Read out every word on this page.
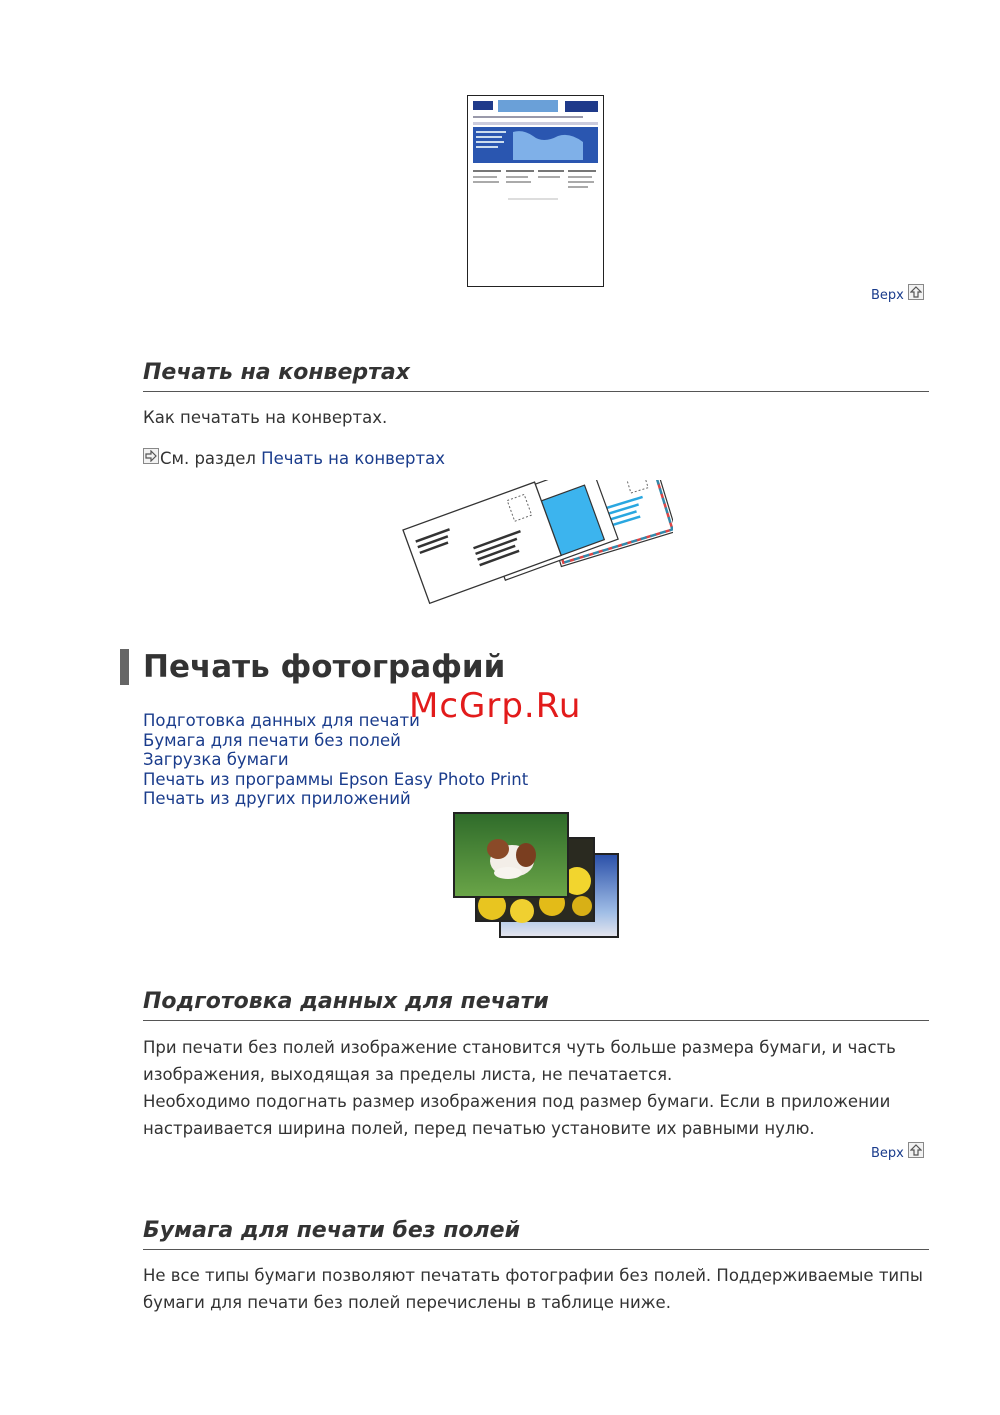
Верх
Печать на конвертах
Как печатать на конвертах.
См. раздел Печать на конвертах
Печать фотографий
Подготовка данных для печати
Бумага для печати без полей
Загрузка бумаги
Печать из программы Epson Easy Photo Print
Печать из других приложений
McGrp.Ru
Подготовка данных для печати
При печати без полей изображение становится чуть больше размера бумаги, и часть изображения, выходящая за пределы листа, не печатается.
Необходимо подогнать размер изображения под размер бумаги. Если в приложении настраивается ширина полей, перед печатью установите их равными нулю.
Верх
Бумага для печати без полей
Не все типы бумаги позволяют печатать фотографии без полей. Поддерживаемые типы бумаги для печати без полей перечислены в таблице ниже.
